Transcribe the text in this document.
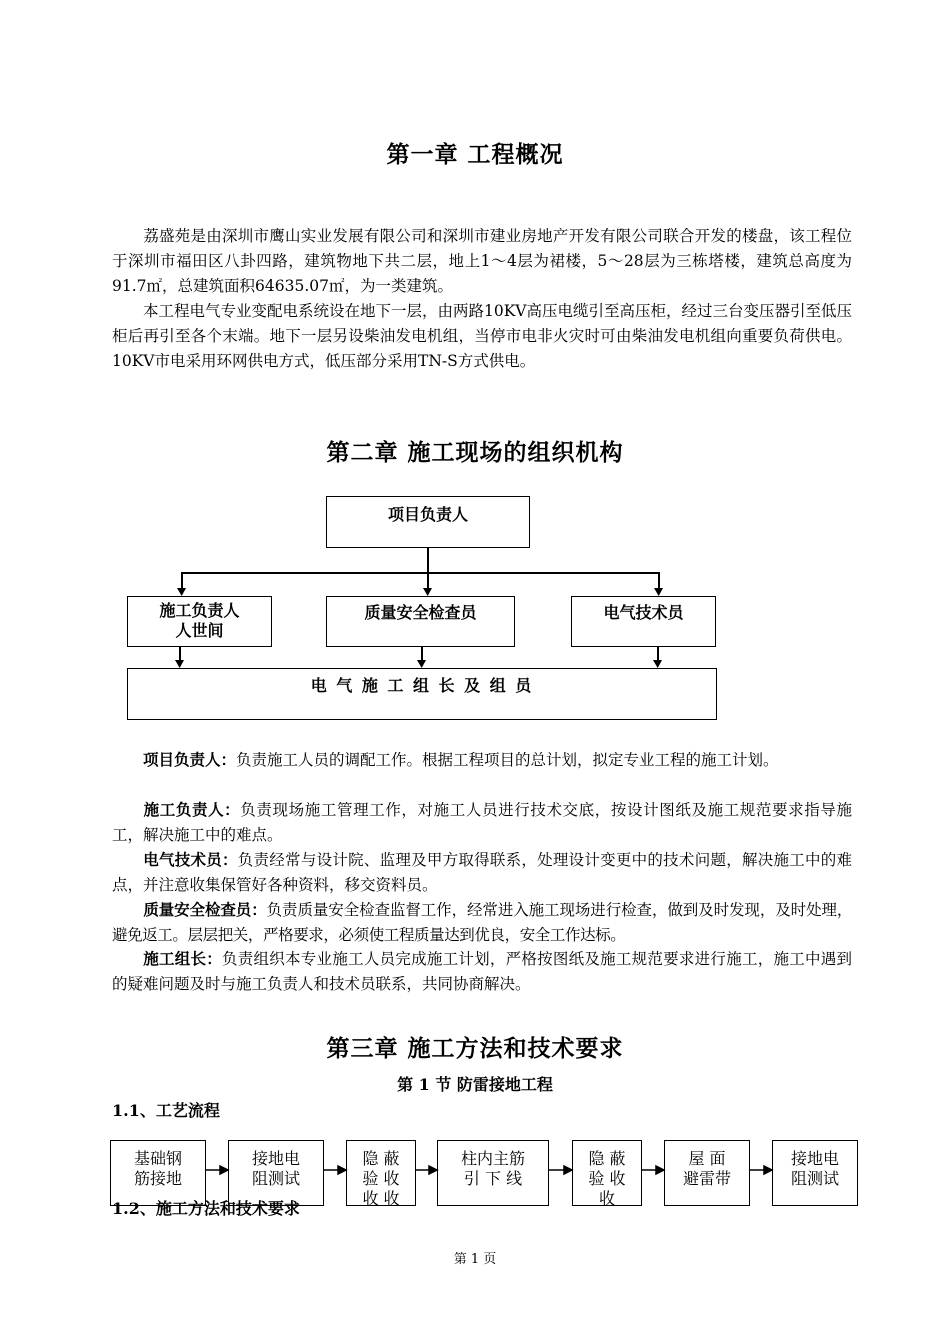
第一章 工程概况

荔盛苑是由深圳市鹰山实业发展有限公司和深圳市建业房地产开发有限公司联合开发的楼盘，该工程位于深圳市福田区八卦四路，建筑物地下共二层，地上1～4层为裙楼，5～28层为三栋塔楼，建筑总高度为91.7㎡，总建筑面积64635.07㎡，为一类建筑。

本工程电气专业变配电系统设在地下一层，由两路10KV高压电缆引至高压柜，经过三台变压器引至低压柜后再引至各个末端。地下一层另设柴油发电机组，当停市电非火灾时可由柴油发电机组向重要负荷供电。10KV市电采用环网供电方式，低压部分采用TN-S方式供电。

第二章 施工现场的组织机构
项目负责人
施工负责人
人世间
质量安全检查员	电气技术员
电 气 施 工 组 长 及 组 员

项目负责人：负责施工人员的调配工作。根据工程项目的总计划，拟定专业工程的施工计划。

施工负责人：负责现场施工管理工作，对施工人员进行技术交底，按设计图纸及施工规范要求指导施工，解决施工中的难点。

电气技术员：负责经常与设计院、监理及甲方取得联系，处理设计变更中的技术问题，解决施工中的难点，并注意收集保管好各种资料，移交资料员。

质量安全检查员：负责质量安全检查监督工作，经常进入施工现场进行检查，做到及时发现，及时处理，避免返工。层层把关，严格要求，必须使工程质量达到优良，安全工作达标。

施工组长：负责组织本专业施工人员完成施工计划，严格按图纸及施工规范要求进行施工，施工中遇到的疑难问题及时与施工负责人和技术员联系，共同协商解决。

第三章 施工方法和技术要求
第 1 节 防雷接地工程
1.1、工艺流程
基础钢
筋接地
接地电
阻测试
隐 蔽
验 收
收 收
柱内主筋
引 下 线
隐 蔽
验 收
收
屋 面
避雷带
接地电
阻测试
1.2、施工方法和技术要求
第 1 页
